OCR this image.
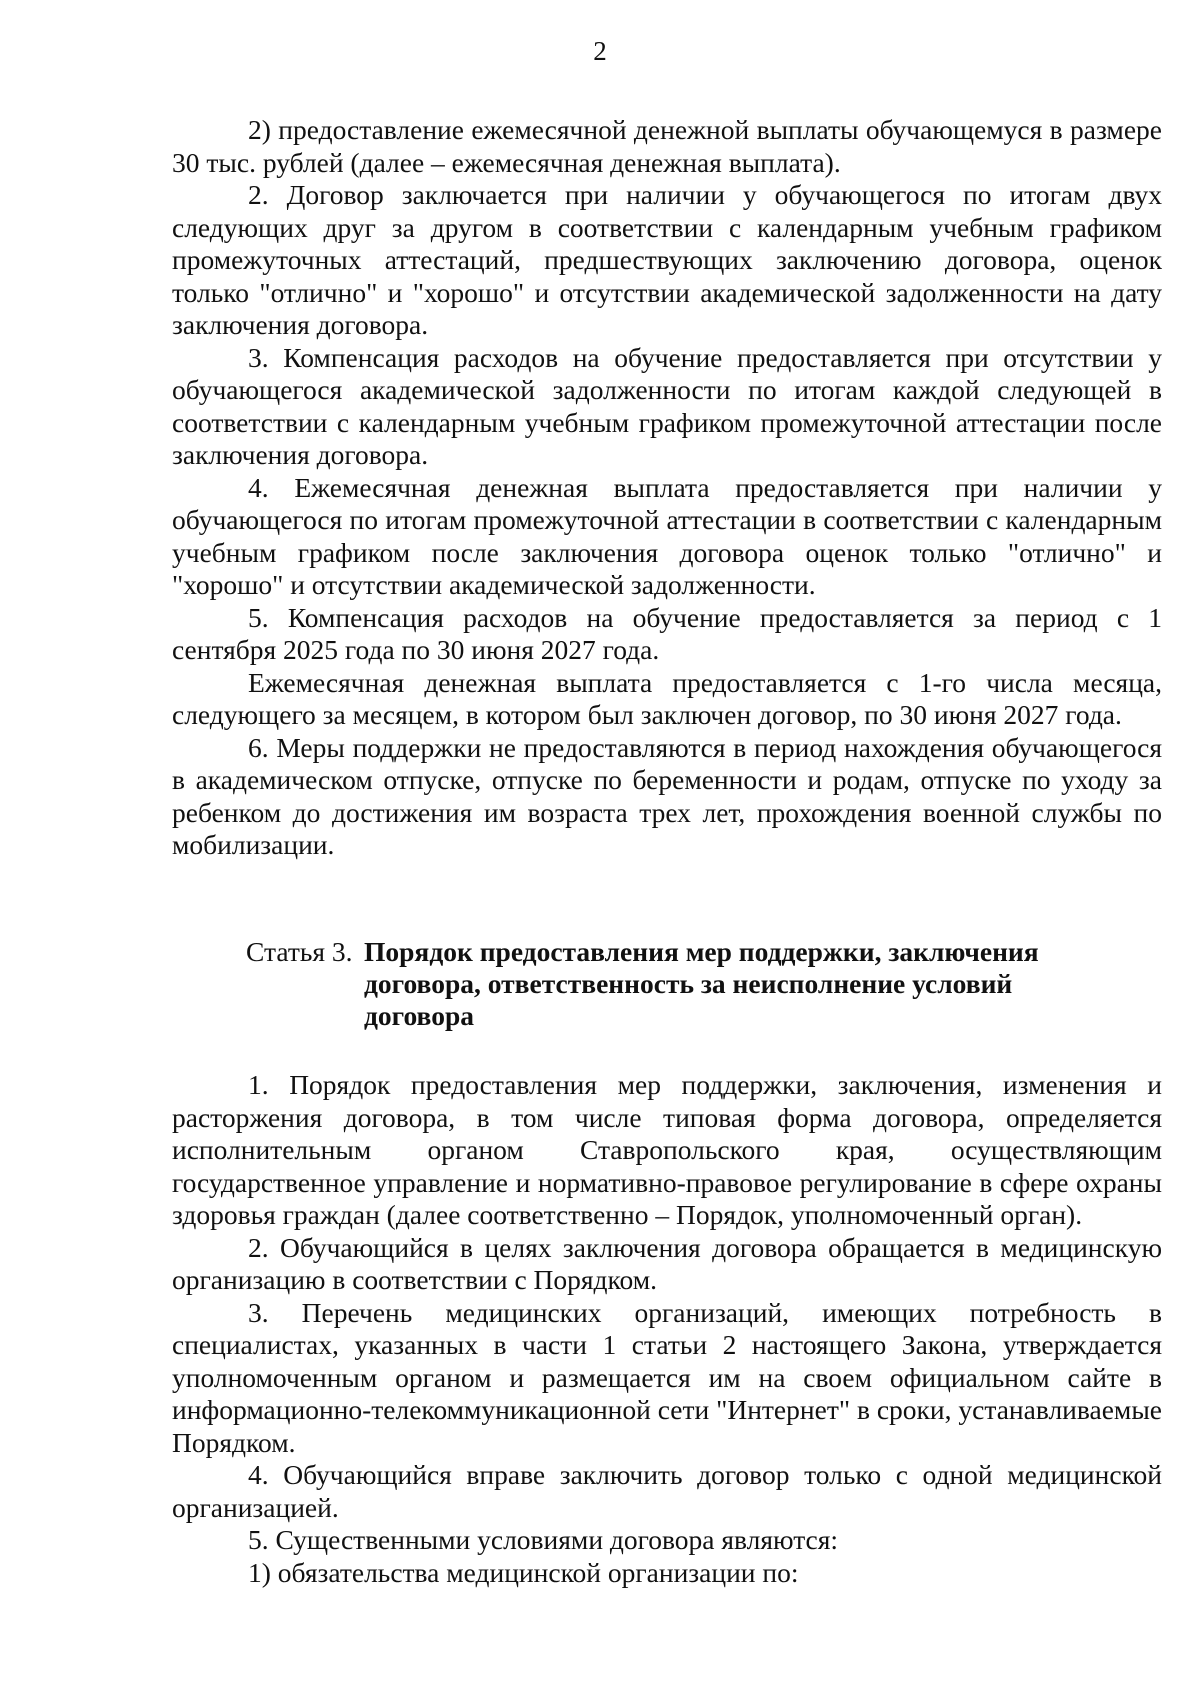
2

2) предоставление ежемесячной денежной выплаты обучающемуся в размере 30 тыс. рублей (далее – ежемесячная денежная выплата).

2. Договор заключается при наличии у обучающегося по итогам двух следующих друг за другом в соответствии с календарным учебным графиком промежуточных аттестаций, предшествующих заключению договора, оценок только "отлично" и "хорошо" и отсутствии академической задолженности на дату заключения договора.

3. Компенсация расходов на обучение предоставляется при отсутствии у обучающегося академической задолженности по итогам каждой следующей в соответствии с календарным учебным графиком промежуточной аттестации после заключения договора.

4. Ежемесячная денежная выплата предоставляется при наличии у обучающегося по итогам промежуточной аттестации в соответствии с календарным учебным графиком после заключения договора оценок только "отлично" и "хорошо" и отсутствии академической задолженности.

5. Компенсация расходов на обучение предоставляется за период с 1 сентября 2025 года по 30 июня 2027 года.

Ежемесячная денежная выплата предоставляется с 1-го числа месяца, следующего за месяцем, в котором был заключен договор, по 30 июня 2027 года.

6. Меры поддержки не предоставляются в период нахождения обучающегося в академическом отпуске, отпуске по беременности и родам, отпуске по уходу за ребенком до достижения им возраста трех лет, прохождения военной службы по мобилизации.

Статья 3. Порядок предоставления мер поддержки, заключения
договора, ответственность за неисполнение условий
договора

1. Порядок предоставления мер поддержки, заключения, изменения и расторжения договора, в том числе типовая форма договора, определяется исполнительным органом Ставропольского края, осуществляющим государственное управление и нормативно-правовое регулирование в сфере охраны здоровья граждан (далее соответственно – Порядок, уполномоченный орган).

2. Обучающийся в целях заключения договора обращается в медицинскую организацию в соответствии с Порядком.

3. Перечень медицинских организаций, имеющих потребность в специалистах, указанных в части 1 статьи 2 настоящего Закона, утверждается уполномоченным органом и размещается им на своем официальном сайте в информационно-телекоммуникационной сети "Интернет" в сроки, устанавливаемые Порядком.

4. Обучающийся вправе заключить договор только с одной медицинской организацией.

5. Существенными условиями договора являются:

1) обязательства медицинской организации по:
